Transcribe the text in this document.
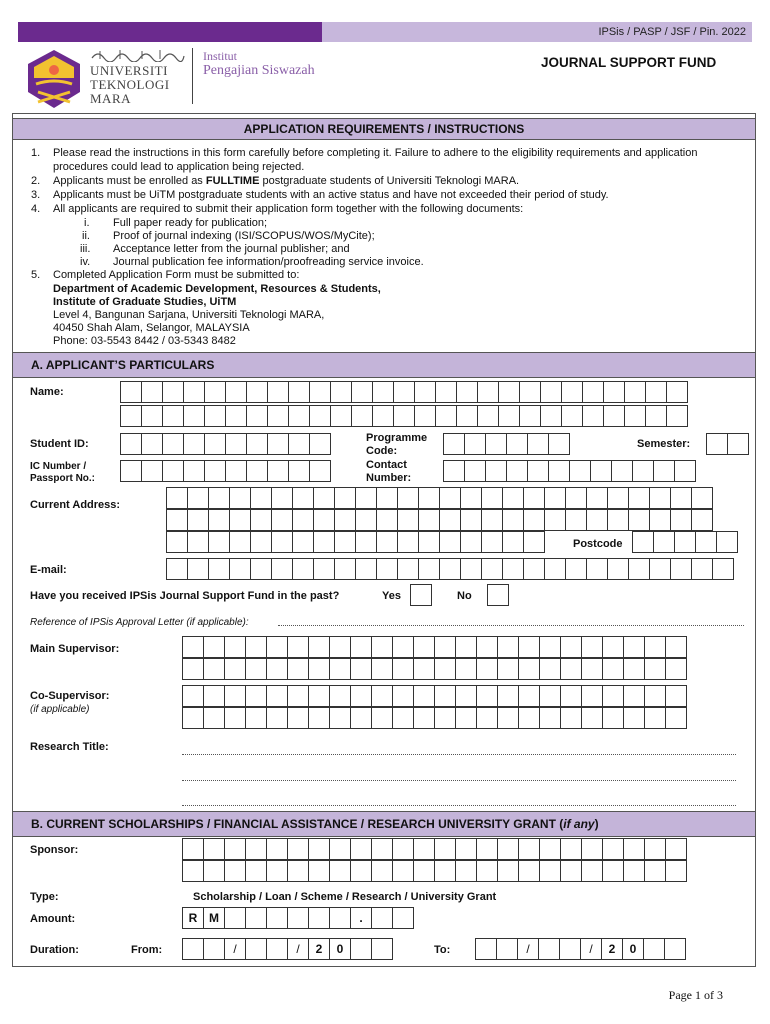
IPSis / PASP / JSF / Pin. 2022
UNIVERSITI
TEKNOLOGI
MARA
Institut
Pengajian Siswazah
JOURNAL SUPPORT FUND
APPLICATION REQUIREMENTS / INSTRUCTIONS
1. Please read the instructions in this form carefully before completing it. Failure to adhere to the eligibility requirements and application
procedures could lead to application being rejected.
2. Applicants must be enrolled as FULLTIME postgraduate students of Universiti Teknologi MARA.
3. Applicants must be UiTM postgraduate students with an active status and have not exceeded their period of study.
4. All applicants are required to submit their application form together with the following documents:
i. Full paper ready for publication;
ii. Proof of journal indexing (ISI/SCOPUS/WOS/MyCite);
iii. Acceptance letter from the journal publisher; and
iv. Journal publication fee information/proofreading service invoice.
5. Completed Application Form must be submitted to:
Department of Academic Development, Resources & Students,
Institute of Graduate Studies, UiTM
Level 4, Bangunan Sarjana, Universiti Teknologi MARA,
40450 Shah Alam, Selangor, MALAYSIA
Phone: 03-5543 8442 / 03-5343 8482
A. APPLICANT’S PARTICULARS
Name:
Student ID:	Programme
Code:
Semester:
IC Number /
Passport No.:
Contact
Number:
Current Address:
Postcode
E-mail:
Have you received IPSis Journal Support Fund in the past?	Yes	No
Reference of IPSis Approval Letter (if applicable):
Main Supervisor:
Co-Supervisor:
(if applicable)
Research Title:
B. CURRENT SCHOLARSHIPS / FINANCIAL ASSISTANCE / RESEARCH UNIVERSITY GRANT ( if any )
Sponsor:
Type:	Scholarship / Loan / Scheme / Research / University Grant
Amount:	R M	.
Duration:	From:	/	/	2	0	To:	/	/	2	0
Page 1 of 3
